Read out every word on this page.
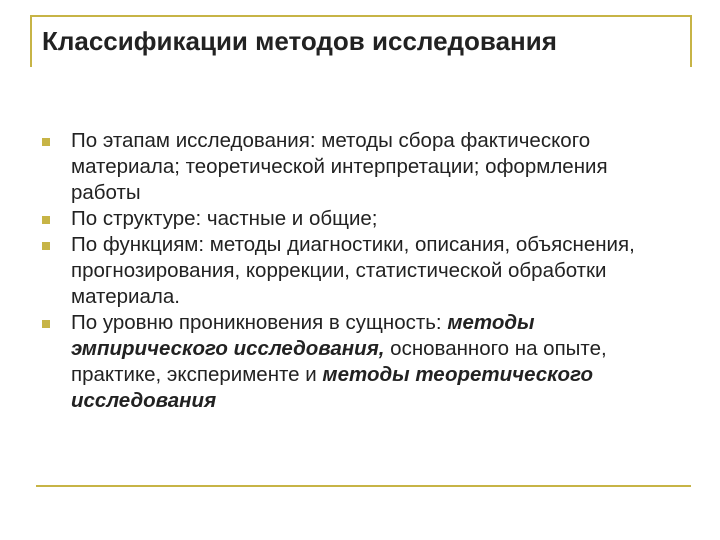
Классификации методов исследования
По этапам исследования: методы сбора фактического материала; теоретической интерпретации; оформления работы
По структуре: частные и общие;
По функциям: методы диагностики, описания, объяснения, прогнозирования, коррекции, статистической обработки материала.
По уровню проникновения в сущность: методы эмпирического исследования, основанного на опыте, практике, эксперименте и методы теоретического исследования
